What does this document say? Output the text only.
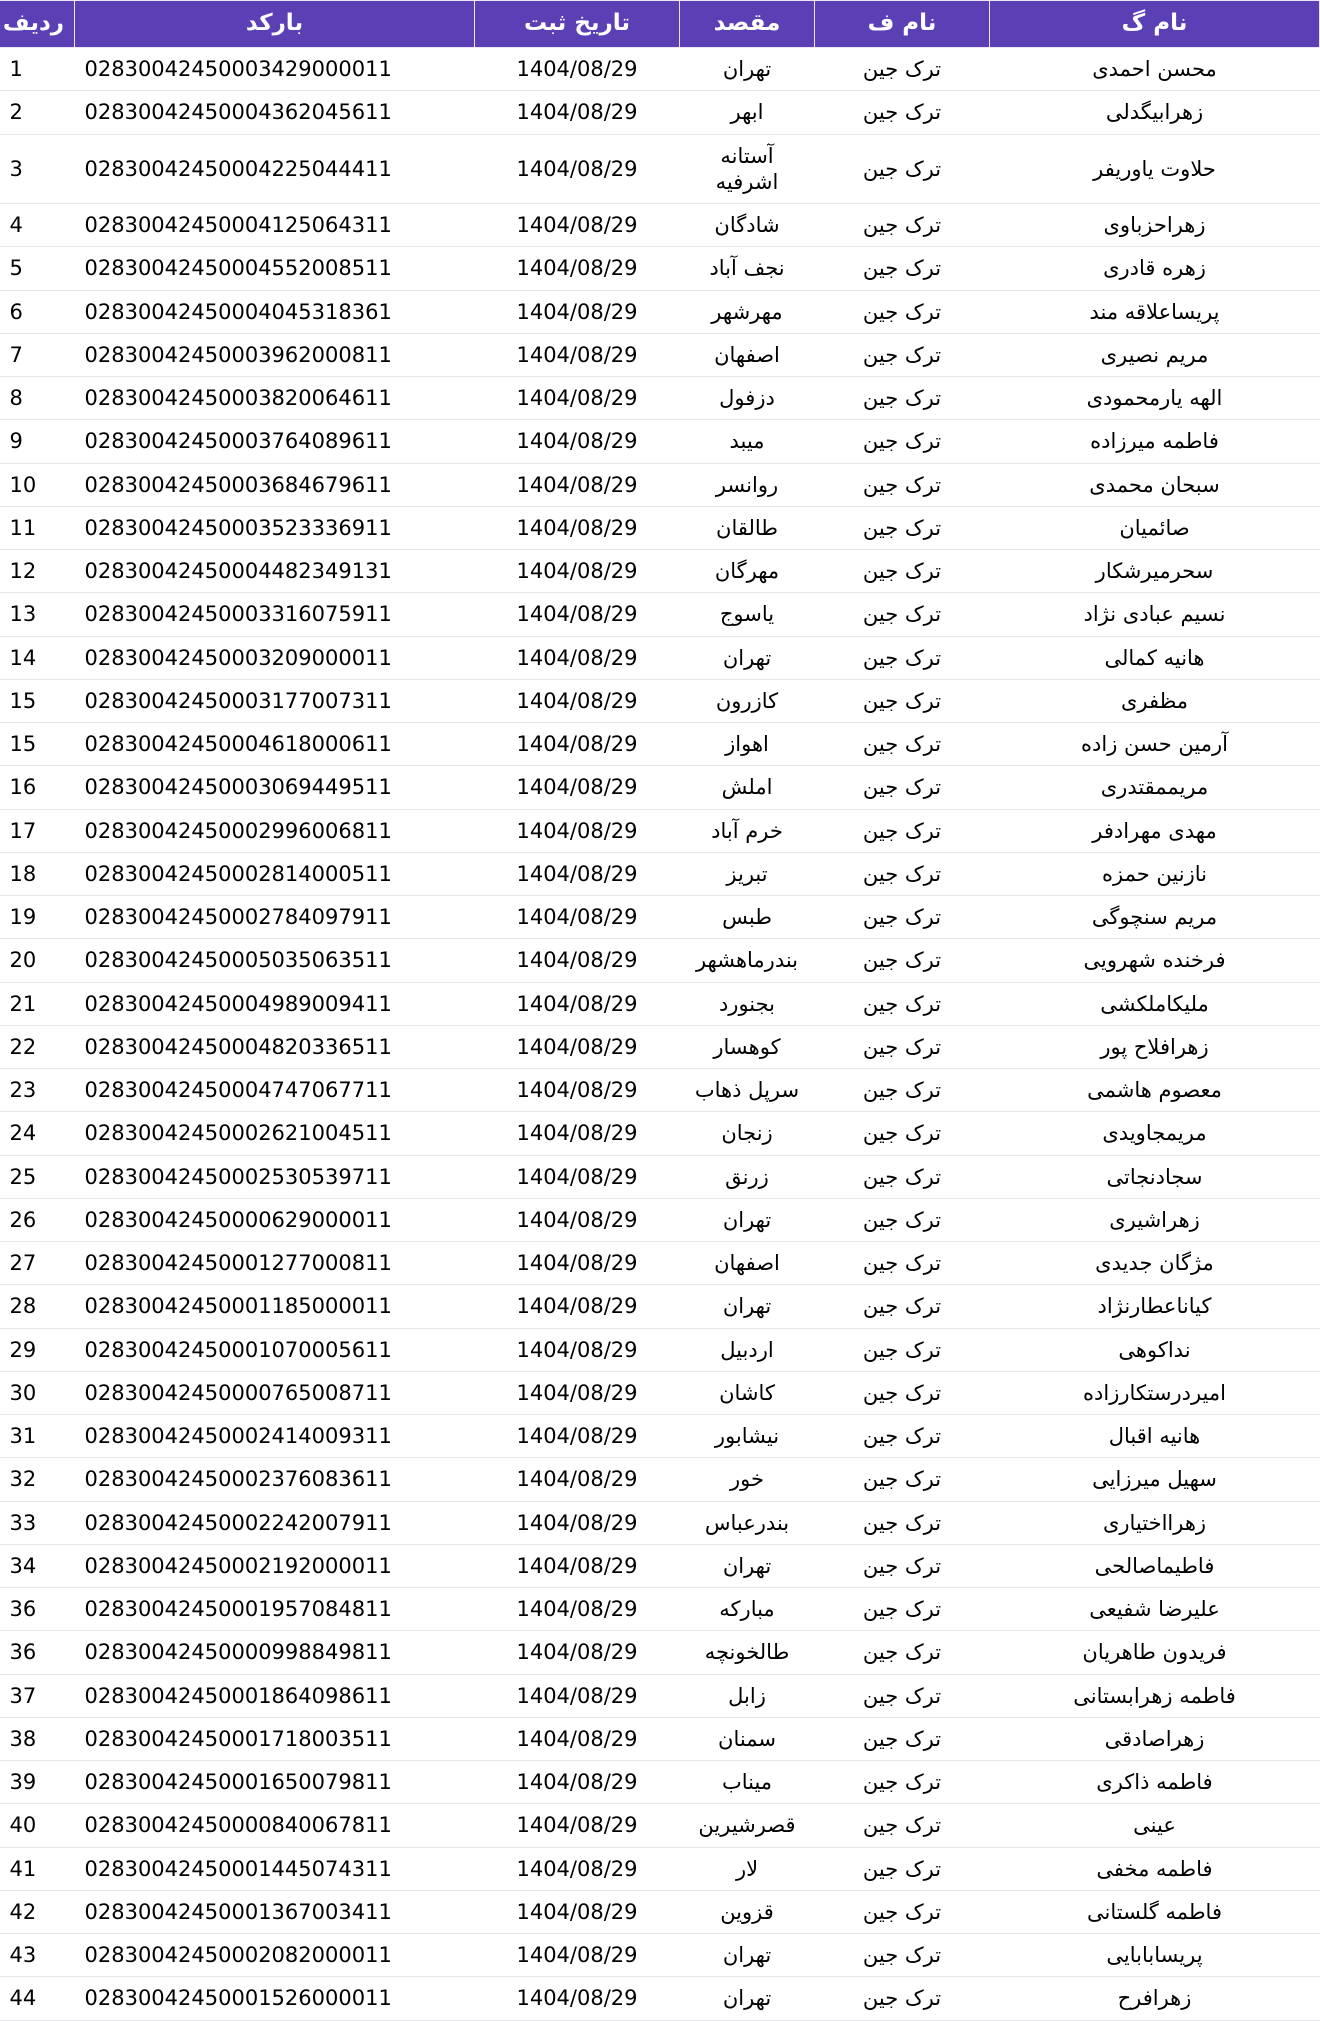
نام گ	نام ف	مقصد	تاریخ ثبت	بارکد	ردیف
محسن احمدی	ترک جین	تهران	1404/08/29	02830042450003429000011	1
زهرابیگدلی	ترک جین	ابهر	1404/08/29	02830042450004362045611	2
حلاوت یاوریفر	ترک جین	آستانه اشرفیه	1404/08/29	02830042450004225044411	3
زهراحزباوی	ترک جین	شادگان	1404/08/29	02830042450004125064311	4
زهره قادری	ترک جین	نجف آباد	1404/08/29	02830042450004552008511	5
پریساعلاقه مند	ترک جین	مهرشهر	1404/08/29	02830042450004045318361	6
مریم نصیری	ترک جین	اصفهان	1404/08/29	02830042450003962000811	7
الهه یارمحمودی	ترک جین	دزفول	1404/08/29	02830042450003820064611	8
فاطمه میرزاده	ترک جین	میبد	1404/08/29	02830042450003764089611	9
سبحان محمدی	ترک جین	روانسر	1404/08/29	02830042450003684679611	10
صائمیان	ترک جین	طالقان	1404/08/29	02830042450003523336911	11
سحرمیرشکار	ترک جین	مهرگان	1404/08/29	02830042450004482349131	12
نسیم عبادی نژاد	ترک جین	یاسوج	1404/08/29	02830042450003316075911	13
هانیه کمالی	ترک جین	تهران	1404/08/29	02830042450003209000011	14
مظفری	ترک جین	کازرون	1404/08/29	02830042450003177007311	15
آرمین حسن زاده	ترک جین	اهواز	1404/08/29	02830042450004618000611	15
مریممقتدری	ترک جین	املش	1404/08/29	02830042450003069449511	16
مهدی مهرادفر	ترک جین	خرم آباد	1404/08/29	02830042450002996006811	17
نازنین حمزه	ترک جین	تبریز	1404/08/29	02830042450002814000511	18
مریم سنچوگی	ترک جین	طبس	1404/08/29	02830042450002784097911	19
فرخنده شهرویی	ترک جین	بندرماهشهر	1404/08/29	02830042450005035063511	20
ملیکاملکشی	ترک جین	بجنورد	1404/08/29	02830042450004989009411	21
زهرافلاح پور	ترک جین	کوهسار	1404/08/29	02830042450004820336511	22
معصوم هاشمی	ترک جین	سرپل ذهاب	1404/08/29	02830042450004747067711	23
مریمجاویدی	ترک جین	زنجان	1404/08/29	02830042450002621004511	24
سجادنجاتی	ترک جین	زرنق	1404/08/29	02830042450002530539711	25
زهراشیری	ترک جین	تهران	1404/08/29	02830042450000629000011	26
مژگان جدیدی	ترک جین	اصفهان	1404/08/29	02830042450001277000811	27
کیاناعطارنژاد	ترک جین	تهران	1404/08/29	02830042450001185000011	28
نداکوهی	ترک جین	اردبیل	1404/08/29	02830042450001070005611	29
امیردرستکارزاده	ترک جین	کاشان	1404/08/29	02830042450000765008711	30
هانیه اقبال	ترک جین	نیشابور	1404/08/29	02830042450002414009311	31
سهیل میرزایی	ترک جین	خور	1404/08/29	02830042450002376083611	32
زهرااختیاری	ترک جین	بندرعباس	1404/08/29	02830042450002242007911	33
فاطیماصالحی	ترک جین	تهران	1404/08/29	02830042450002192000011	34
علیرضا شفیعی	ترک جین	مبارکه	1404/08/29	02830042450001957084811	36
فریدون طاهریان	ترک جین	طالخونچه	1404/08/29	02830042450000998849811	36
فاطمه زهرابستانی	ترک جین	زابل	1404/08/29	02830042450001864098611	37
زهراصادقی	ترک جین	سمنان	1404/08/29	02830042450001718003511	38
فاطمه ذاکری	ترک جین	میناب	1404/08/29	02830042450001650079811	39
عینی	ترک جین	قصرشیرین	1404/08/29	02830042450000840067811	40
فاطمه مخفی	ترک جین	لار	1404/08/29	02830042450001445074311	41
فاطمه گلستانی	ترک جین	قزوین	1404/08/29	02830042450001367003411	42
پریسابابایی	ترک جین	تهران	1404/08/29	02830042450002082000011	43
زهرافرح	ترک جین	تهران	1404/08/29	02830042450001526000011	44
